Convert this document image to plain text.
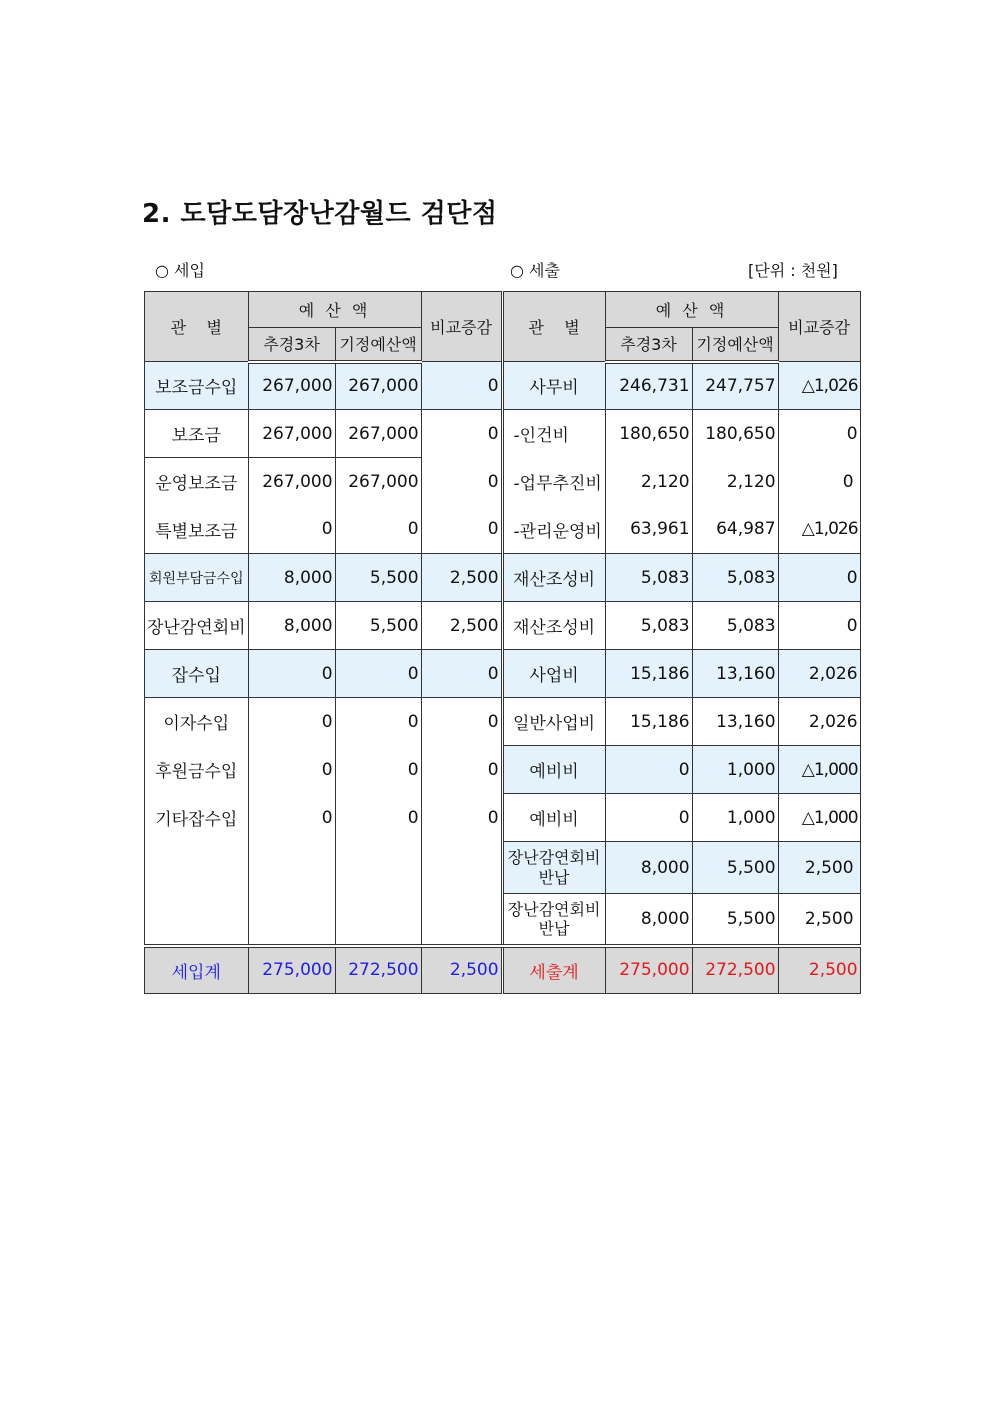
2. 도담도담장난감월드 검단점
○ 세입	○ 세출	[단위 : 천원]
관    별	예 산 액		비교증감	관    별	예 산 액		비교증감
	추경3차	기정예산액			추경3차	기정예산액	
보조금수입	267,000	267,000	0	사무비	246,731	247,757	△1,026
보조금	267,000	267,000	0	-인건비	180,650	180,650	0
운영보조금	267,000	267,000	0	-업무추진비	2,120	2,120	0
특별보조금	0	0	0	-관리운영비	63,961	64,987	△1,026
회원부담금수입	8,000	5,500	2,500	재산조성비	5,083	5,083	0
장난감연회비	8,000	5,500	2,500	재산조성비	5,083	5,083	0
잡수입	0	0	0	사업비	15,186	13,160	2,026
이자수입	0	0	0	일반사업비	15,186	13,160	2,026
후원금수입	0	0	0	예비비	0	1,000	△1,000
기타잡수입	0	0	0	예비비	0	1,000	△1,000
				장난감연회비 반납	8,000	5,500	2,500
				장난감연회비 반납	8,000	5,500	2,500
세입계	275,000	272,500	2,500	세출계	275,000	272,500	2,500
